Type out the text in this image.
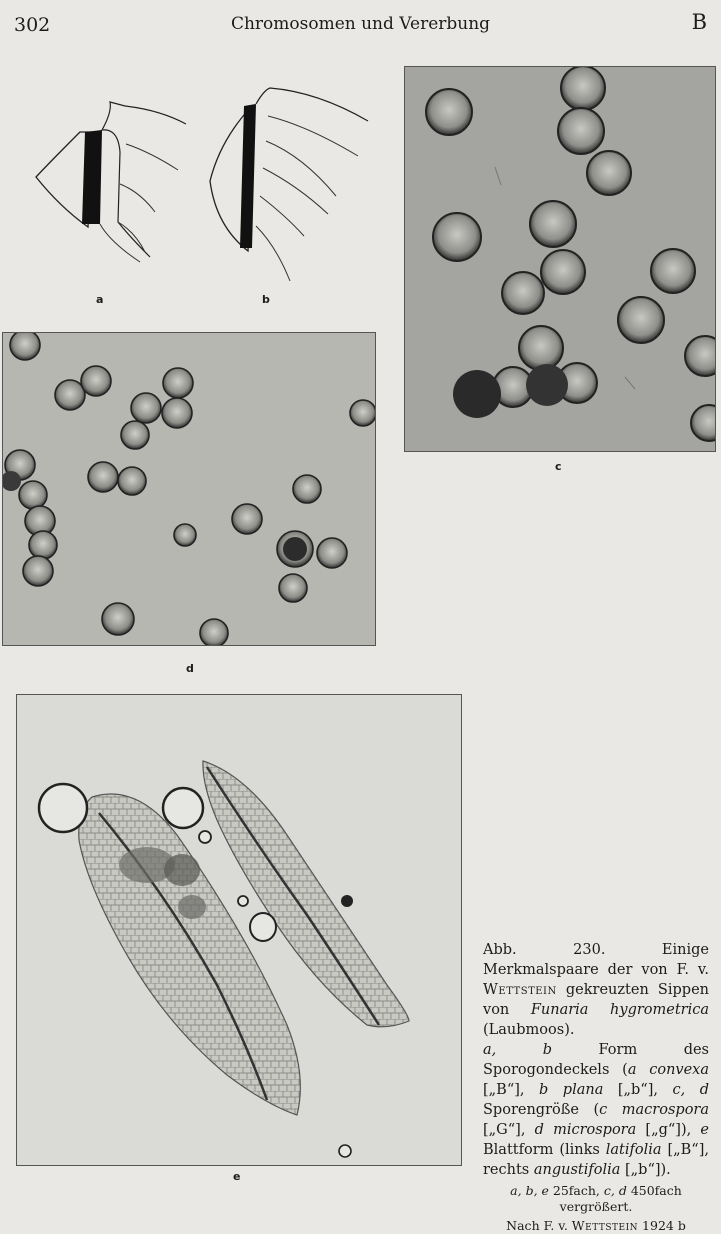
302	Chromosomen und Vererbung	B
a	b
c
d
e

Abb. 230. Einige Merkmalspaare der von F. v. Wettstein gekreuzten Sippen von Funaria hygrometrica (Laubmoos).

a, b Form des Sporogondeckels (a convexa [„B“], b plana [„b“], c, d Sporengröße (c macrospora [„G“], d microspora [„g“]), e Blattform (links latifolia [„B“], rechts angustifolia [„b“]).

a, b, e 25fach, c, d 450fach vergrößert.

Nach F. v. Wettstein 1924 b
